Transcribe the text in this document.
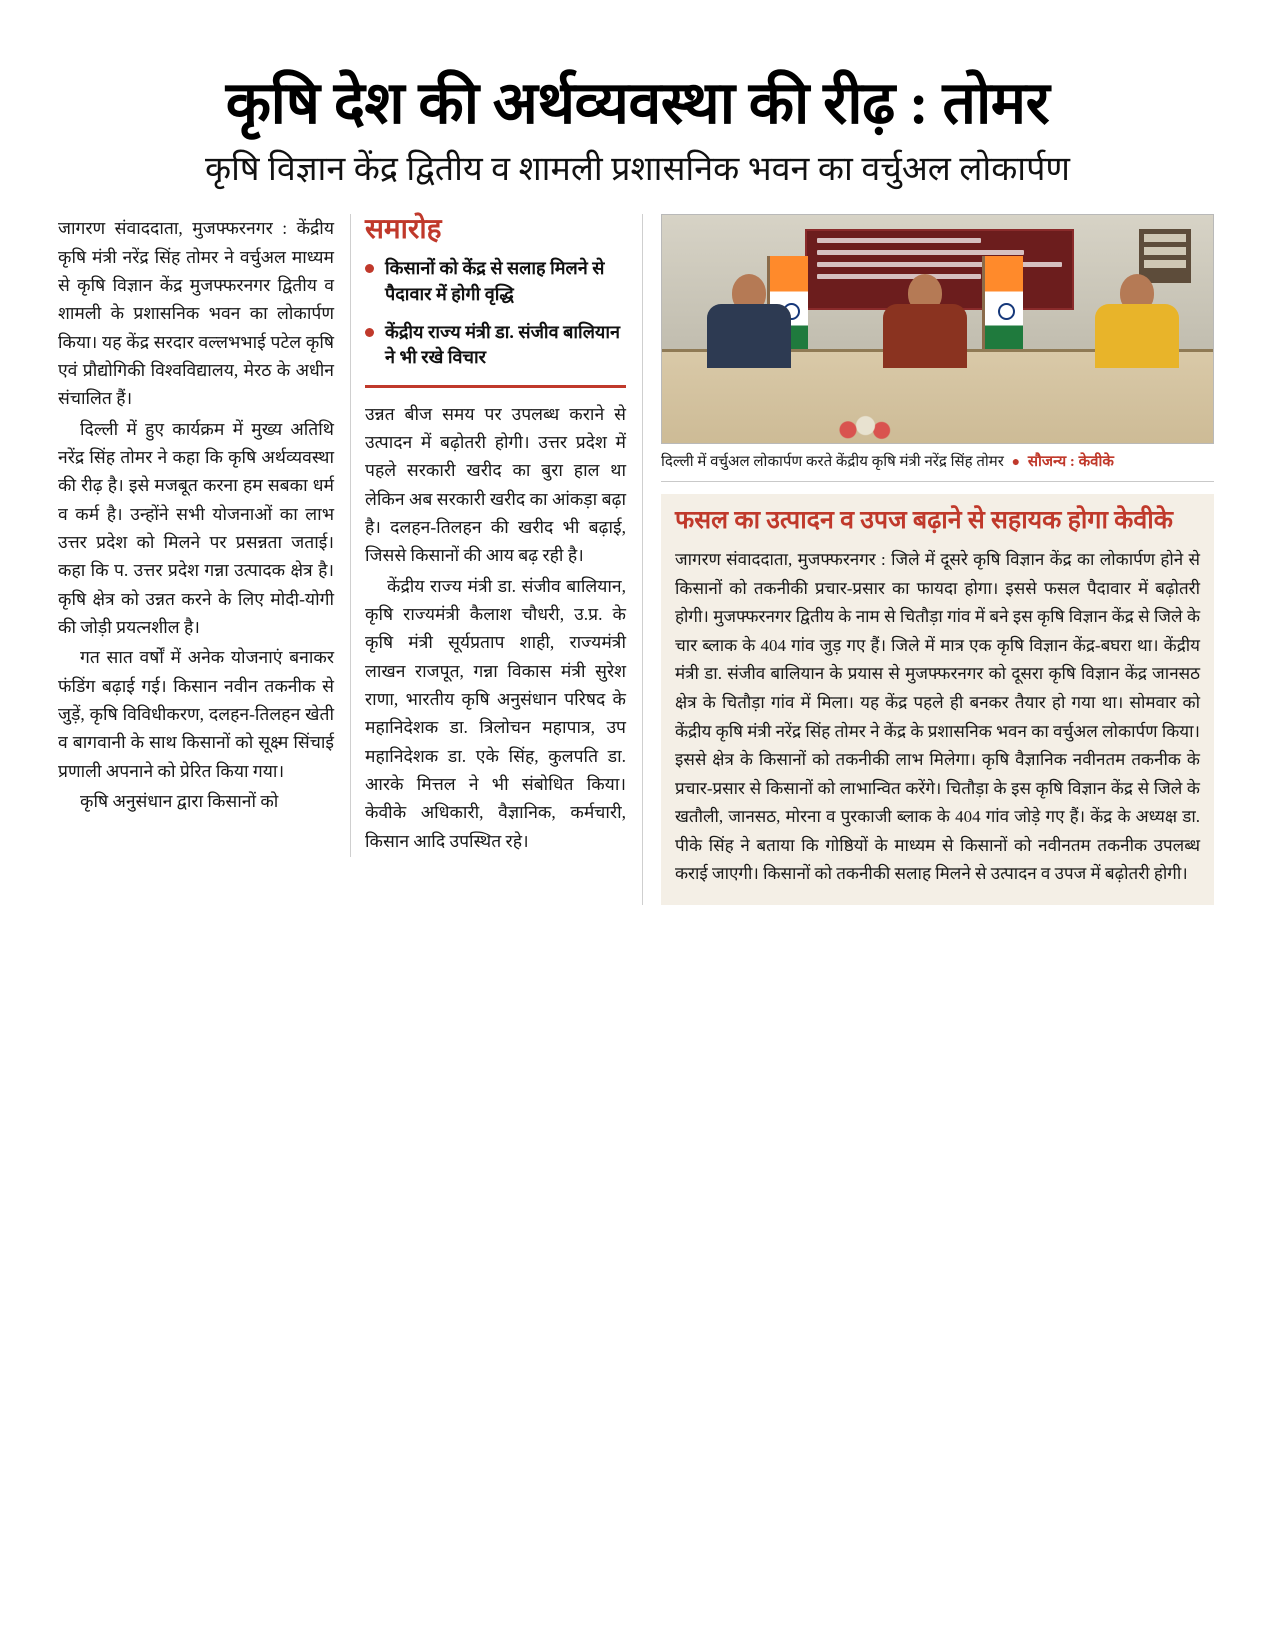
कृषि देश की अर्थव्यवस्था की रीढ़ : तोमर
कृषि विज्ञान केंद्र द्वितीय व शामली प्रशासनिक भवन का वर्चुअल लोकार्पण

जागरण संवाददाता, मुजफ्फरनगर : केंद्रीय कृषि मंत्री नरेंद्र सिंह तोमर ने वर्चुअल माध्यम से कृषि विज्ञान केंद्र मुजफ्फरनगर द्वितीय व शामली के प्रशासनिक भवन का लोकार्पण किया। यह केंद्र सरदार वल्लभभाई पटेल कृषि एवं प्रौद्योगिकी विश्वविद्यालय, मेरठ के अधीन संचालित हैं।

दिल्ली में हुए कार्यक्रम में मुख्य अतिथि नरेंद्र सिंह तोमर ने कहा कि कृषि अर्थव्यवस्था की रीढ़ है। इसे मजबूत करना हम सबका धर्म व कर्म है। उन्होंने सभी योजनाओं का लाभ उत्तर प्रदेश को मिलने पर प्रसन्नता जताई। कहा कि प. उत्तर प्रदेश गन्ना उत्पादक क्षेत्र है। कृषि क्षेत्र को उन्नत करने के लिए मोदी-योगी की जोड़ी प्रयत्नशील है।

गत सात वर्षों में अनेक योजनाएं बनाकर फंडिंग बढ़ाई गई। किसान नवीन तकनीक से जुड़ें, कृषि विविधीकरण, दलहन-तिलहन खेती व बागवानी के साथ किसानों को सूक्ष्म सिंचाई प्रणाली अपनाने को प्रेरित किया गया।

कृषि अनुसंधान द्वारा किसानों को

समारोह
किसानों को केंद्र से सलाह मिलने से पैदावार में होगी वृद्धि
केंद्रीय राज्य मंत्री डा. संजीव बालियान ने भी रखे विचार

उन्नत बीज समय पर उपलब्ध कराने से उत्पादन में बढ़ोतरी होगी। उत्तर प्रदेश में पहले सरकारी खरीद का बुरा हाल था लेकिन अब सरकारी खरीद का आंकड़ा बढ़ा है। दलहन-तिलहन की खरीद भी बढ़ाई, जिससे किसानों की आय बढ़ रही है।

केंद्रीय राज्य मंत्री डा. संजीव बालियान, कृषि राज्यमंत्री कैलाश चौधरी, उ.प्र. के कृषि मंत्री सूर्यप्रताप शाही, राज्यमंत्री लाखन राजपूत, गन्ना विकास मंत्री सुरेश राणा, भारतीय कृषि अनुसंधान परिषद के महानिदेशक डा. त्रिलोचन महापात्र, उप महानिदेशक डा. एके सिंह, कुलपति डा. आरके मित्तल ने भी संबोधित किया। केवीके अधिकारी, वैज्ञानिक, कर्मचारी, किसान आदि उपस्थित रहे।

दिल्ली में वर्चुअल लोकार्पण करते केंद्रीय कृषि मंत्री नरेंद्र सिंह तोमर ● सौजन्य : केवीके
फसल का उत्पादन व उपज बढ़ाने से सहायक होगा केवीके

जागरण संवाददाता, मुजफ्फरनगर : जिले में दूसरे कृषि विज्ञान केंद्र का लोकार्पण होने से किसानों को तकनीकी प्रचार-प्रसार का फायदा होगा। इससे फसल पैदावार में बढ़ोतरी होगी। मुजफ्फरनगर द्वितीय के नाम से चितौड़ा गांव में बने इस कृषि विज्ञान केंद्र से जिले के चार ब्लाक के 404 गांव जुड़ गए हैं। जिले में मात्र एक कृषि विज्ञान केंद्र-बघरा था। केंद्रीय मंत्री डा. संजीव बालियान के प्रयास से मुजफ्फरनगर को दूसरा कृषि विज्ञान केंद्र जानसठ क्षेत्र के चितौड़ा गांव में मिला। यह केंद्र पहले ही बनकर तैयार हो गया था। सोमवार को केंद्रीय कृषि मंत्री नरेंद्र सिंह तोमर ने केंद्र के प्रशासनिक भवन का वर्चुअल लोकार्पण किया। इससे क्षेत्र के किसानों को तकनीकी लाभ मिलेगा। कृषि वैज्ञानिक नवीनतम तकनीक के प्रचार-प्रसार से किसानों को लाभान्वित करेंगे। चितौड़ा के इस कृषि विज्ञान केंद्र से जिले के खतौली, जानसठ, मोरना व पुरकाजी ब्लाक के 404 गांव जोड़े गए हैं। केंद्र के अध्यक्ष डा. पीके सिंह ने बताया कि गोष्ठियों के माध्यम से किसानों को नवीनतम तकनीक उपलब्ध कराई जाएगी। किसानों को तकनीकी सलाह मिलने से उत्पादन व उपज में बढ़ोतरी होगी।
